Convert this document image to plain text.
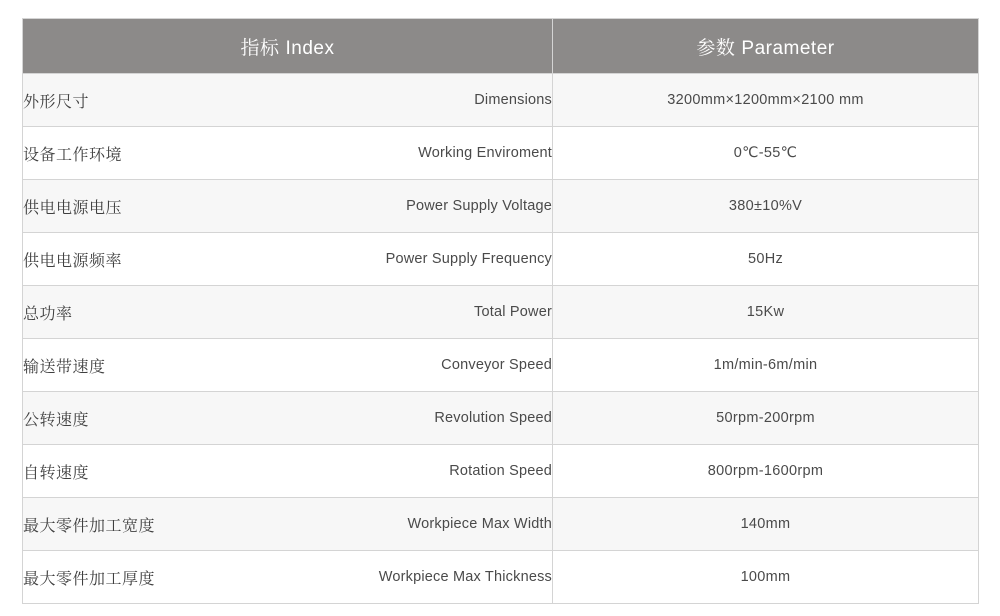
指标 Index	参数 Parameter

外形尺寸 Dimensions	3200mm×1200mm×2100 mm

设备工作环境 Working Enviroment	0℃-55℃

供电电源电压 Power Supply Voltage	380±10%V

供电电源频率 Power Supply Frequency	50Hz

总功率 Total Power	15Kw

输送带速度 Conveyor Speed	1m/min-6m/min

公转速度 Revolution Speed	50rpm-200rpm

自转速度 Rotation Speed	800rpm-1600rpm

最大零件加工宽度 Workpiece Max Width	140mm

最大零件加工厚度 Workpiece Max Thickness	100mm
